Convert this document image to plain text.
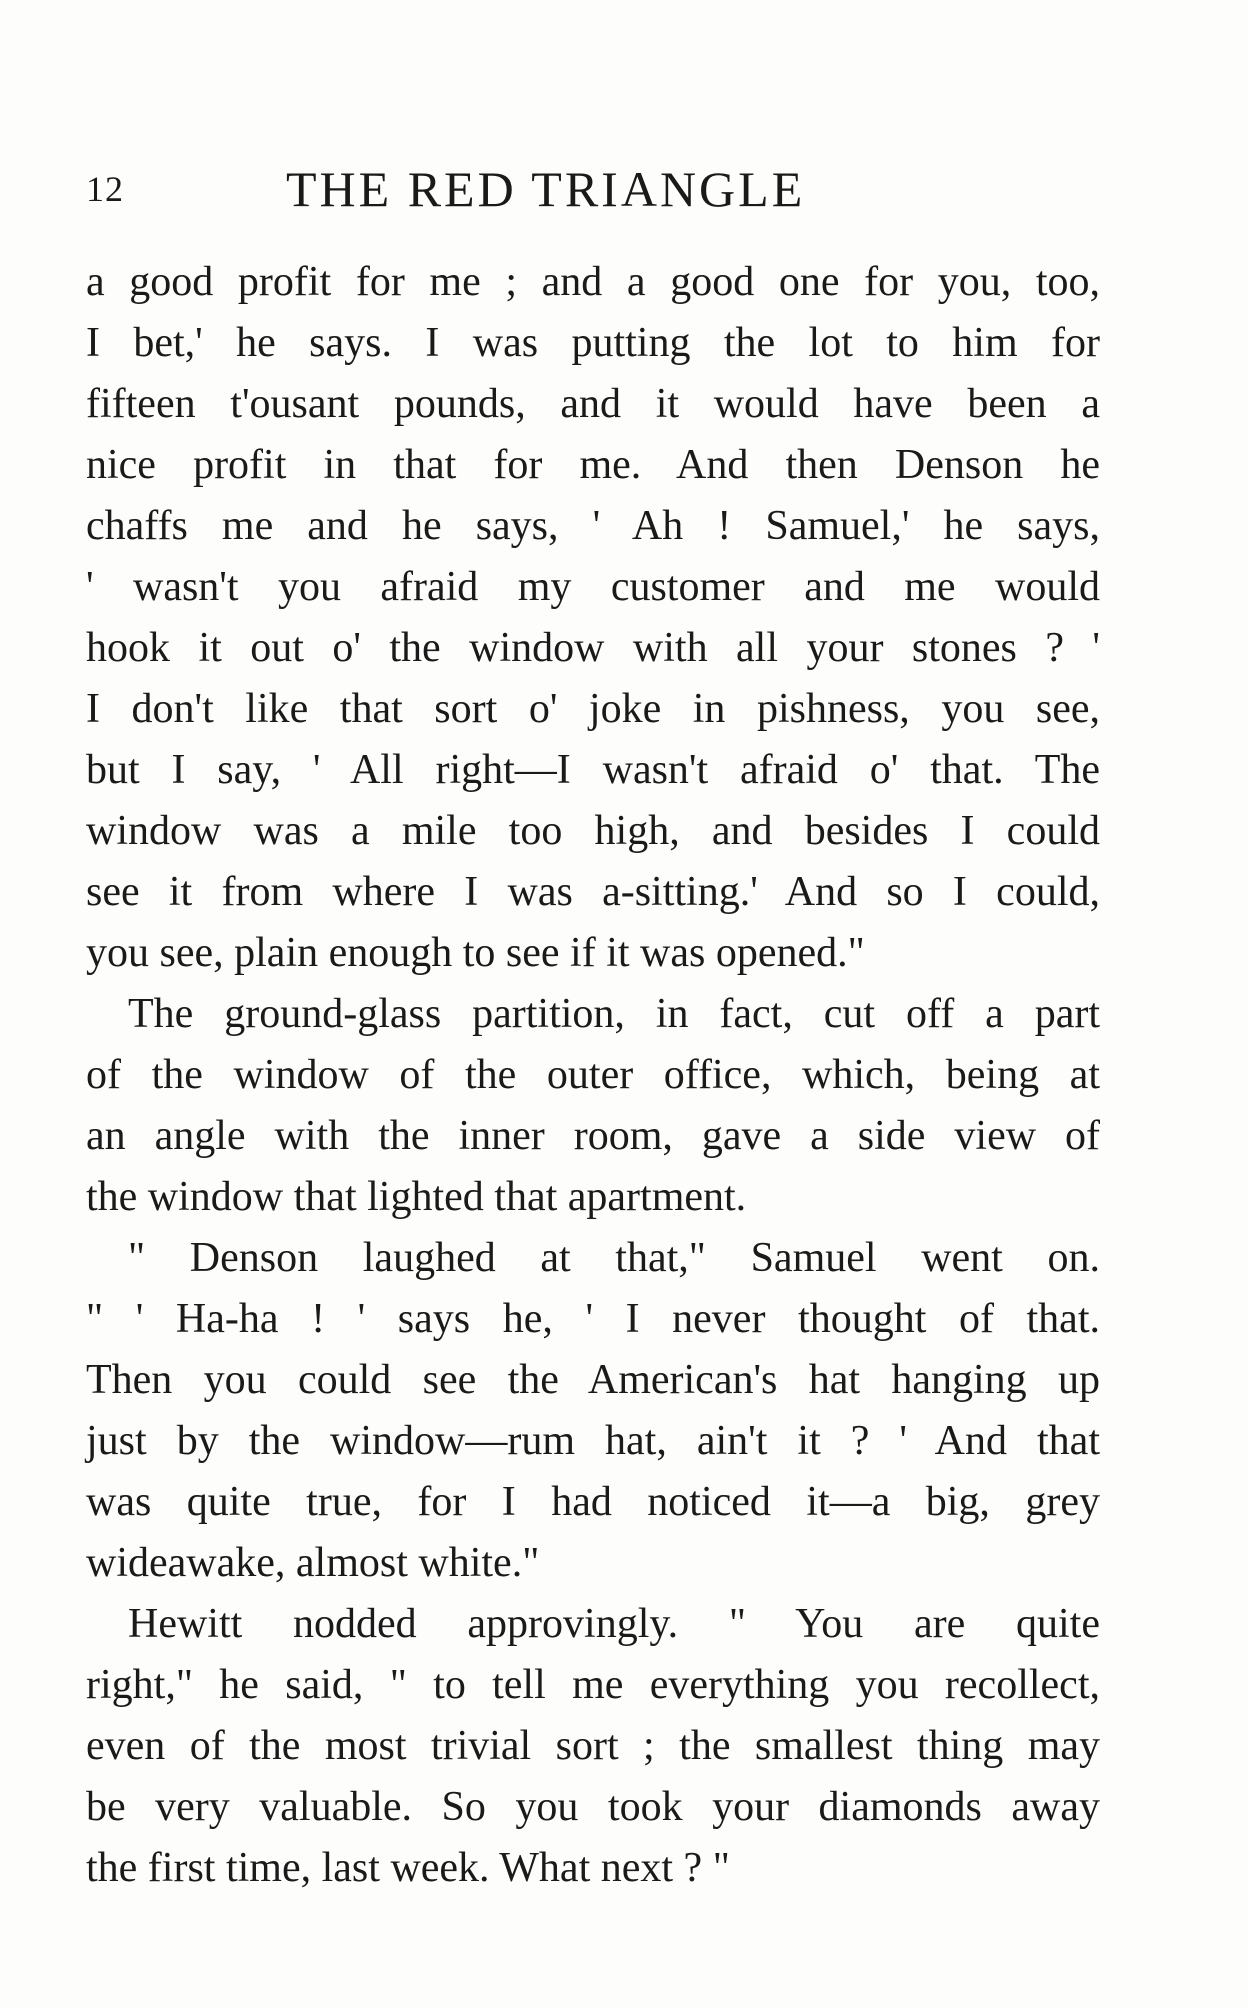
12	THE RED TRIANGLE
a good profit for me ; and a good one for you, too,
I bet,' he says. I was putting the lot to him for
fifteen t'ousant pounds, and it would have been a
nice profit in that for me. And then Denson he
chaffs me and he says, ' Ah ! Samuel,' he says,
' wasn't you afraid my customer and me would
hook it out o' the window with all your stones ? '
I don't like that sort o' joke in pishness, you see,
but I say, ' All right—I wasn't afraid o' that. The
window was a mile too high, and besides I could
see it from where I was a-sitting.' And so I could,
you see, plain enough to see if it was opened."
The ground-glass partition, in fact, cut off a part
of the window of the outer office, which, being at
an angle with the inner room, gave a side view of
the window that lighted that apartment.
" Denson laughed at that," Samuel went on.
" ' Ha-ha ! ' says he, ' I never thought of that.
Then you could see the American's hat hanging up
just by the window—rum hat, ain't it ? ' And that
was quite true, for I had noticed it—a big, grey
wideawake, almost white."
Hewitt nodded approvingly. " You are quite
right," he said, " to tell me everything you recollect,
even of the most trivial sort ; the smallest thing may
be very valuable. So you took your diamonds away
the first time, last week. What next ? "
